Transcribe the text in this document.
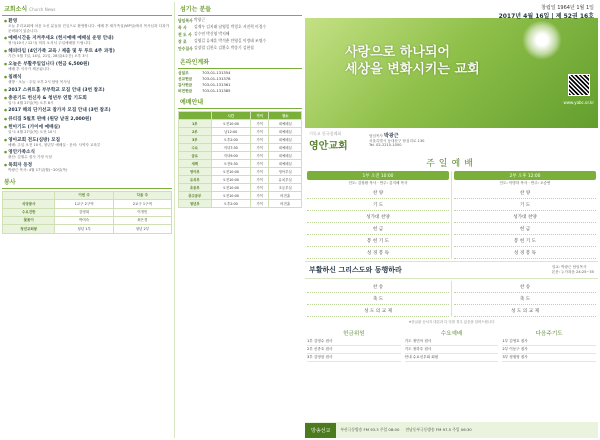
교회소식 Church News
● 환영
오늘 우리교회에 처음 오신 분들을 진심으로 환영합니다. 예배 후 새가족실(VIP실)에서 목사님과 다과가 준비되어 있습니다.
● 예배시간을 지켜주세요 (헌시예배 예배실 운영 안내)
정시(10시 / 12시) 미리 오셔서 주일예배를 드립니다.
● 헤피타임 (4인가족 교육 / 제출 및 두 루트 4주 과정)
기간: 5월 7일, 14일, 21일, 28일(4주간) 오후 3시
● 오늘은 부활주일입니다 (헌금 6,500원)
예배 후 식사가 제공됩니다.
● 침례식
셀방 · 오늘 · 주일 오후 2시 담당 목사님
● 2017 스위트홈 부부학교 모집 안내 (3번 참조)
● 충분기도 헌신자 & 청년부 연합 기도회
일시: 4월 27일(목) 오후 8시
● 2017 해외 단기선교 참가자 모집 안내 (3번 참조)
● 큐티집 5월호 판매 (원당 낱권 2,000원)
● 헌아기도 (가이에 예배실)
일시: 4월 27일(목) 오전 10시
● 영아교회 전도(심방) 모집
예배: 주일 오전 10시, 청년부 예배실 · 문의: 사역자 교육부
● 영안가족소식
출산: 김철수 집사 가정 득남
● 목회자 동정
박광근 목사: 4월 17일(월)~20일(목)
봉사
	이번 주	다음 주
식당봉사	1교구 2구역	2교구 1구역
수요건반	김영희	이정민
꽃꽂이	박미숙	최은경
청년교회봉	청년 1부	청년 2부
섬기는 분들
담임목사 박광근
목 사	김재우 김지태 남영일 박경호 서진혁 이경수
전 도 사 김수연 박신영 박지혜
장 로	김영길 류제훈 박석춘 안영길 이정태 조명수
안수집사 김장렬 김찬호 김환호 박종기 김현철
온라인계좌
십일조	703-01-131354
선교헌금	703-01-131378
감사헌금	703-01-131361
비전헌금	703-01-131385
예배안내
	시간	가이	장소
1부	오전10:00	가이	대예배실
2부	낮12:00	가이	대예배실
3부	오후2:00	가이	대예배실
수요	저녁7:30	가이	대예배실
금요	저녁9:00	가이	대예배실
새벽	오전5:30	가이	대예배실
영아부	오전10:00	가이	영아부실
유치부	오전10:00	가이	유치부실
초등부	오전10:00	가이	초등부실
중고등부	오전10:00	가이	비전홀
청년부	오후2:00	가이	비전홀
창립일 1964년 1월 1일
2017년 4월 16일 | 제 52권 16호
사랑으로 하나되어
세상을 변화시키는 교회
www.yabc.or.kr
기독교 한국침례회
영안교회
담임목사 박광근
서울특별시 동대문구 답십리로 130
Tel. 02-2215-1000
주일예배
1부 오전 10:00
인도: 김장환 목사 · 반주: 김지혜 목사
찬 양
기 도
성가대 찬양
헌 금
봉 헌 기 도
성 경 봉 독
2부 오후 12:00
인도: 이명하 목사 · 반주: 오승연
찬 양
기 도
성가대 찬양
헌 금
봉 헌 기 도
성 경 봉 독
부활하신 그리스도와 동행하라	설교: 박광근 담임목사
본문: 누가복음 24:25~35
찬 송
축 도
성 도 의 교 제
찬 송
축 도
성 도 의 교 제
※한글판 순서지 대본과 다 다를 경우 있음을 알려드립니다
헌금위원
1부 김영수 집사
2부 신종호 집사
3부 김영삼 집사
수요예배
기도 정민석 집사
기도 정하우 집사
안내 수요신우회 회원
다음주기도
1부 김영호 집사
2부 이동구 집사
3부 정철영 집사
방송선교	부산극동방송 FM 93.3 주일 08:00 전남동부극동방송 FM 97.5 주일 06:30
